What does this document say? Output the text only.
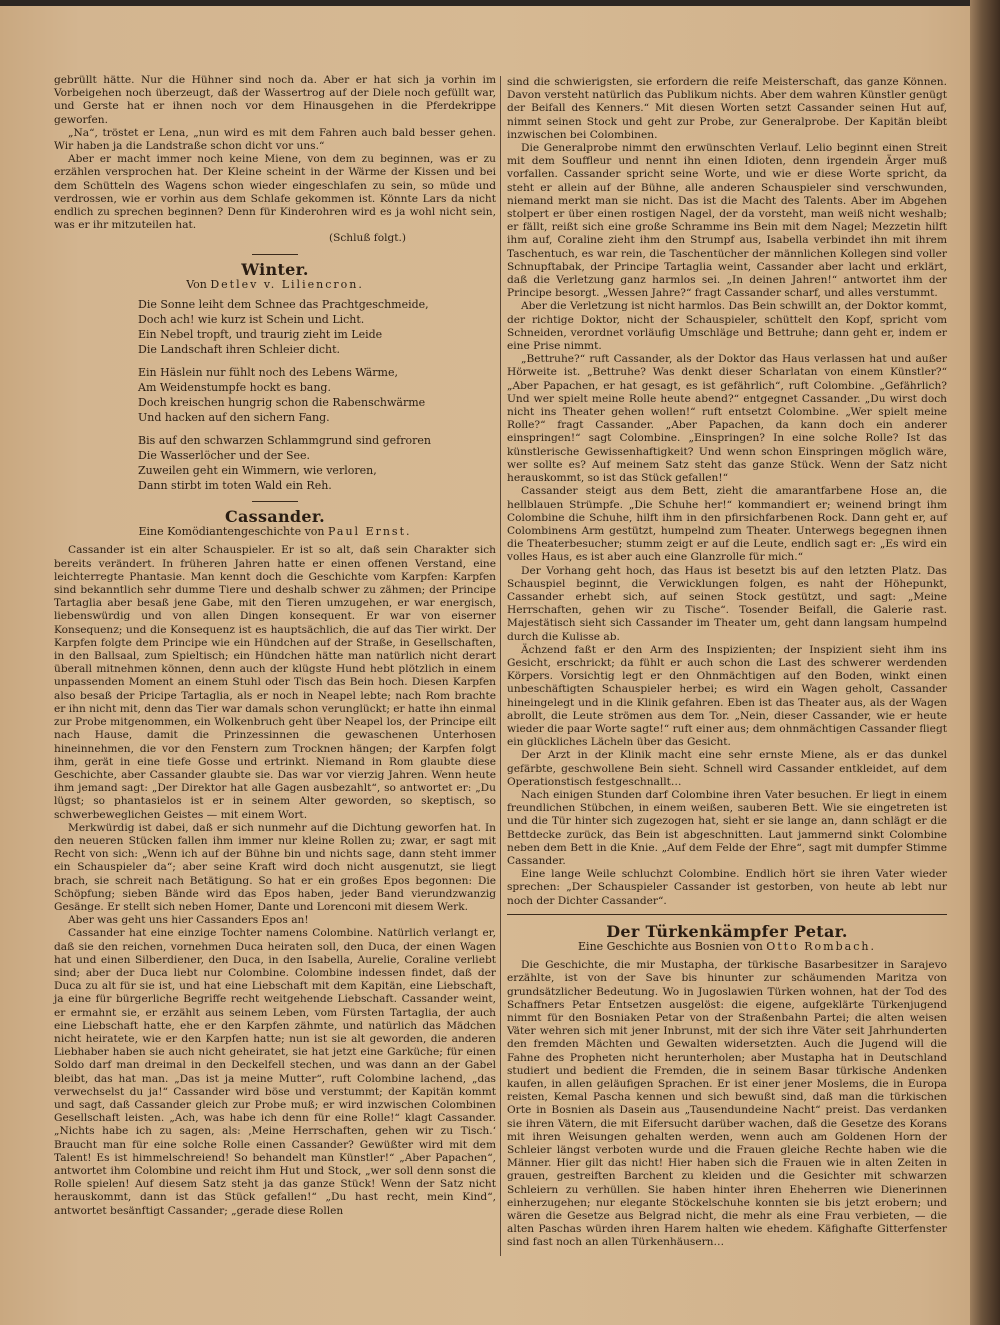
gebrüllt hätte. Nur die Hühner sind noch da. Aber er hat sich ja vorhin im Vorbeigehen noch überzeugt, daß der Wassertrog auf der Diele noch gefüllt war, und Gerste hat er ihnen noch vor dem Hinausgehen in die Pferdekrippe geworfen.

„Na“, tröstet er Lena, „nun wird es mit dem Fahren auch bald besser gehen. Wir haben ja die Landstraße schon dicht vor uns.“

Aber er macht immer noch keine Miene, von dem zu beginnen, was er zu erzählen versprochen hat. Der Kleine scheint in der Wärme der Kissen und bei dem Schütteln des Wagens schon wieder eingeschlafen zu sein, so müde und verdrossen, wie er vorhin aus dem Schlafe gekommen ist. Könnte Lars da nicht endlich zu sprechen beginnen? Denn für Kinderohren wird es ja wohl nicht sein, was er ihr mitzuteilen hat.

(Schluß folgt.)

Winter.
Von Detlev v. Liliencron.
Die Sonne leiht dem Schnee das Prachtgeschmeide,
Doch ach! wie kurz ist Schein und Licht.
Ein Nebel tropft, und traurig zieht im Leide
Die Landschaft ihren Schleier dicht.
Ein Häslein nur fühlt noch des Lebens Wärme,
Am Weidenstumpfe hockt es bang.
Doch kreischen hungrig schon die Rabenschwärme
Und hacken auf den sichern Fang.
Bis auf den schwarzen Schlammgrund sind gefroren
Die Wasserlöcher und der See.
Zuweilen geht ein Wimmern, wie verloren,
Dann stirbt im toten Wald ein Reh.
Cassander.
Eine Komödiantengeschichte von Paul Ernst.

Cassander ist ein alter Schauspieler. Er ist so alt, daß sein Charakter sich bereits verändert. In früheren Jahren hatte er einen offenen Verstand, eine leichterregte Phantasie. Man kennt doch die Geschichte vom Karpfen: Karpfen sind bekanntlich sehr dumme Tiere und deshalb schwer zu zähmen; der Principe Tartaglia aber besaß jene Gabe, mit den Tieren umzugehen, er war energisch, liebenswürdig und von allen Dingen konsequent. Er war von eiserner Konsequenz; und die Konsequenz ist es hauptsächlich, die auf das Tier wirkt. Der Karpfen folgte dem Principe wie ein Hündchen auf der Straße, in Gesellschaften, in den Ballsaal, zum Spieltisch; ein Hündchen hätte man natürlich nicht derart überall mitnehmen können, denn auch der klügste Hund hebt plötzlich in einem unpassenden Moment an einem Stuhl oder Tisch das Bein hoch. Diesen Karpfen also besaß der Pricipe Tartaglia, als er noch in Neapel lebte; nach Rom brachte er ihn nicht mit, denn das Tier war damals schon verunglückt; er hatte ihn einmal zur Probe mitgenommen, ein Wolkenbruch geht über Neapel los, der Principe eilt nach Hause, damit die Prinzessinnen die gewaschenen Unterhosen hineinnehmen, die vor den Fenstern zum Trocknen hängen; der Karpfen folgt ihm, gerät in eine tiefe Gosse und ertrinkt. Niemand in Rom glaubte diese Geschichte, aber Cassander glaubte sie. Das war vor vierzig Jahren. Wenn heute ihm jemand sagt: „Der Direktor hat alle Gagen ausbezahlt“, so antwortet er: „Du lügst; so phantasielos ist er in seinem Alter geworden, so skeptisch, so schwerbeweglichen Geistes — mit einem Wort.

Merkwürdig ist dabei, daß er sich nunmehr auf die Dichtung geworfen hat. In den neueren Stücken fallen ihm immer nur kleine Rollen zu; zwar, er sagt mit Recht von sich: „Wenn ich auf der Bühne bin und nichts sage, dann steht immer ein Schauspieler da“; aber seine Kraft wird doch nicht ausgenutzt, sie liegt brach, sie schreit nach Betätigung. So hat er ein großes Epos begonnen: Die Schöpfung; sieben Bände wird das Epos haben, jeder Band vierundzwanzig Gesänge. Er stellt sich neben Homer, Dante und Lorenconi mit diesem Werk.

Aber was geht uns hier Cassanders Epos an!

Cassander hat eine einzige Tochter namens Colombine. Natürlich verlangt er, daß sie den reichen, vornehmen Duca heiraten soll, den Duca, der einen Wagen hat und einen Silberdiener, den Duca, in den Isabella, Aurelie, Coraline verliebt sind; aber der Duca liebt nur Colombine. Colombine indessen findet, daß der Duca zu alt für sie ist, und hat eine Liebschaft mit dem Kapitän, eine Liebschaft, ja eine für bürgerliche Begriffe recht weitgehende Liebschaft. Cassander weint, er ermahnt sie, er erzählt aus seinem Leben, vom Fürsten Tartaglia, der auch eine Liebschaft hatte, ehe er den Karpfen zähmte, und natürlich das Mädchen nicht heiratete, wie er den Karpfen hatte; nun ist sie alt geworden, die anderen Liebhaber haben sie auch nicht geheiratet, sie hat jetzt eine Garküche; für einen Soldo darf man dreimal in den Deckelfell stechen, und was dann an der Gabel bleibt, das hat man. „Das ist ja meine Mutter“, ruft Colombine lachend, „das verwechselst du ja!“ Cassander wird böse und verstummt; der Kapitän kommt und sagt, daß Cassander gleich zur Probe muß; er wird inzwischen Colombinen Gesellschaft leisten. „Ach, was habe ich denn für eine Rolle!“ klagt Cassander. „Nichts habe ich zu sagen, als: ‚Meine Herrschaften, gehen wir zu Tisch.‘ Braucht man für eine solche Rolle einen Cassander? Gewüßter wird mit dem Talent! Es ist himmelschreiend! So behandelt man Künstler!“ „Aber Papachen“, antwortet ihm Colombine und reicht ihm Hut und Stock, „wer soll denn sonst die Rolle spielen! Auf diesem Satz steht ja das ganze Stück! Wenn der Satz nicht herauskommt, dann ist das Stück gefallen!“ „Du hast recht, mein Kind“, antwortet besänftigt Cassander; „gerade diese Rollen

sind die schwierigsten, sie erfordern die reife Meisterschaft, das ganze Können. Davon versteht natürlich das Publikum nichts. Aber dem wahren Künstler genügt der Beifall des Kenners.“ Mit diesen Worten setzt Cassander seinen Hut auf, nimmt seinen Stock und geht zur Probe, zur Generalprobe. Der Kapitän bleibt inzwischen bei Colombinen.

Die Generalprobe nimmt den erwünschten Verlauf. Lelio beginnt einen Streit mit dem Souffleur und nennt ihn einen Idioten, denn irgendein Ärger muß vorfallen. Cassander spricht seine Worte, und wie er diese Worte spricht, da steht er allein auf der Bühne, alle anderen Schauspieler sind verschwunden, niemand merkt man sie nicht. Das ist die Macht des Talents. Aber im Abgehen stolpert er über einen rostigen Nagel, der da vorsteht, man weiß nicht weshalb; er fällt, reißt sich eine große Schramme ins Bein mit dem Nagel; Mezzetin hilft ihm auf, Coraline zieht ihm den Strumpf aus, Isabella verbindet ihn mit ihrem Taschentuch, es war rein, die Taschentücher der männlichen Kollegen sind voller Schnupftabak, der Principe Tartaglia weint, Cassander aber lacht und erklärt, daß die Verletzung ganz harmlos sei. „In deinen Jahren!“ antwortet ihm der Principe besorgt. „Wessen Jahre?“ fragt Cassander scharf, und alles verstummt.

Aber die Verletzung ist nicht harmlos. Das Bein schwillt an, der Doktor kommt, der richtige Doktor, nicht der Schauspieler, schüttelt den Kopf, spricht vom Schneiden, verordnet vorläufig Umschläge und Bettruhe; dann geht er, indem er eine Prise nimmt.

„Bettruhe?“ ruft Cassander, als der Doktor das Haus verlassen hat und außer Hörweite ist. „Bettruhe? Was denkt dieser Scharlatan von einem Künstler?“ „Aber Papachen, er hat gesagt, es ist gefährlich“, ruft Colombine. „Gefährlich? Und wer spielt meine Rolle heute abend?“ entgegnet Cassander. „Du wirst doch nicht ins Theater gehen wollen!“ ruft entsetzt Colombine. „Wer spielt meine Rolle?“ fragt Cassander. „Aber Papachen, da kann doch ein anderer einspringen!“ sagt Colombine. „Einspringen? In eine solche Rolle? Ist das künstlerische Gewissenhaftigkeit? Und wenn schon Einspringen möglich wäre, wer sollte es? Auf meinem Satz steht das ganze Stück. Wenn der Satz nicht herauskommt, so ist das Stück gefallen!“

Cassander steigt aus dem Bett, zieht die amarantfarbene Hose an, die hellblauen Strümpfe. „Die Schuhe her!“ kommandiert er; weinend bringt ihm Colombine die Schuhe, hilft ihm in den pfirsichfarbenen Rock. Dann geht er, auf Colombinens Arm gestützt, humpelnd zum Theater. Unterwegs begegnen ihnen die Theaterbesucher; stumm zeigt er auf die Leute, endlich sagt er: „Es wird ein volles Haus, es ist aber auch eine Glanzrolle für mich.“

Der Vorhang geht hoch, das Haus ist besetzt bis auf den letzten Platz. Das Schauspiel beginnt, die Verwicklungen folgen, es naht der Höhepunkt, Cassander erhebt sich, auf seinen Stock gestützt, und sagt: „Meine Herrschaften, gehen wir zu Tische“. Tosender Beifall, die Galerie rast. Majestätisch sieht sich Cassander im Theater um, geht dann langsam humpelnd durch die Kulisse ab.

Ächzend faßt er den Arm des Inspizienten; der Inspizient sieht ihm ins Gesicht, erschrickt; da fühlt er auch schon die Last des schwerer werdenden Körpers. Vorsichtig legt er den Ohnmächtigen auf den Boden, winkt einen unbeschäftigten Schauspieler herbei; es wird ein Wagen geholt, Cassander hineingelegt und in die Klinik gefahren. Eben ist das Theater aus, als der Wagen abrollt, die Leute strömen aus dem Tor. „Nein, dieser Cassander, wie er heute wieder die paar Worte sagte!“ ruft einer aus; dem ohnmächtigen Cassander fliegt ein glückliches Lächeln über das Gesicht.

Der Arzt in der Klinik macht eine sehr ernste Miene, als er das dunkel gefärbte, geschwollene Bein sieht. Schnell wird Cassander entkleidet, auf dem Operationstisch festgeschnallt…

Nach einigen Stunden darf Colombine ihren Vater besuchen. Er liegt in einem freundlichen Stübchen, in einem weißen, sauberen Bett. Wie sie eingetreten ist und die Tür hinter sich zugezogen hat, sieht er sie lange an, dann schlägt er die Bettdecke zurück, das Bein ist abgeschnitten. Laut jammernd sinkt Colombine neben dem Bett in die Knie. „Auf dem Felde der Ehre“, sagt mit dumpfer Stimme Cassander.

Eine lange Weile schluchzt Colombine. Endlich hört sie ihren Vater wieder sprechen: „Der Schauspieler Cassander ist gestorben, von heute ab lebt nur noch der Dichter Cassander“.

Der Türkenkämpfer Petar.
Eine Geschichte aus Bosnien von Otto Rombach.

Die Geschichte, die mir Mustapha, der türkische Basarbesitzer in Sarajevo erzählte, ist von der Save bis hinunter zur schäumenden Maritza von grundsätzlicher Bedeutung. Wo in Jugoslawien Türken wohnen, hat der Tod des Schaffners Petar Entsetzen ausgelöst: die eigene, aufgeklärte Türkenjugend nimmt für den Bosniaken Petar von der Straßenbahn Partei; die alten weisen Väter wehren sich mit jener Inbrunst, mit der sich ihre Väter seit Jahrhunderten den fremden Mächten und Gewalten widersetzten. Auch die Jugend will die Fahne des Propheten nicht herunterholen; aber Mustapha hat in Deutschland studiert und bedient die Fremden, die in seinem Basar türkische Andenken kaufen, in allen geläufigen Sprachen. Er ist einer jener Moslems, die in Europa reisten, Kemal Pascha kennen und sich bewußt sind, daß man die türkischen Orte in Bosnien als Dasein aus „Tausendundeine Nacht“ preist. Das verdanken sie ihren Vätern, die mit Eifersucht darüber wachen, daß die Gesetze des Korans mit ihren Weisungen gehalten werden, wenn auch am Goldenen Horn der Schleier längst verboten wurde und die Frauen gleiche Rechte haben wie die Männer. Hier gilt das nicht! Hier haben sich die Frauen wie in alten Zeiten in grauen, gestreiften Barchent zu kleiden und die Gesichter mit schwarzen Schleiern zu verhüllen. Sie haben hinter ihren Eheherren wie Dienerinnen einherzugehen; nur elegante Stöckelschuhe konnten sie bis jetzt erobern; und wären die Gesetze aus Belgrad nicht, die mehr als eine Frau verbieten, — die alten Paschas würden ihren Harem halten wie ehedem. Käfighafte Gitterfenster sind fast noch an allen Türkenhäusern…
